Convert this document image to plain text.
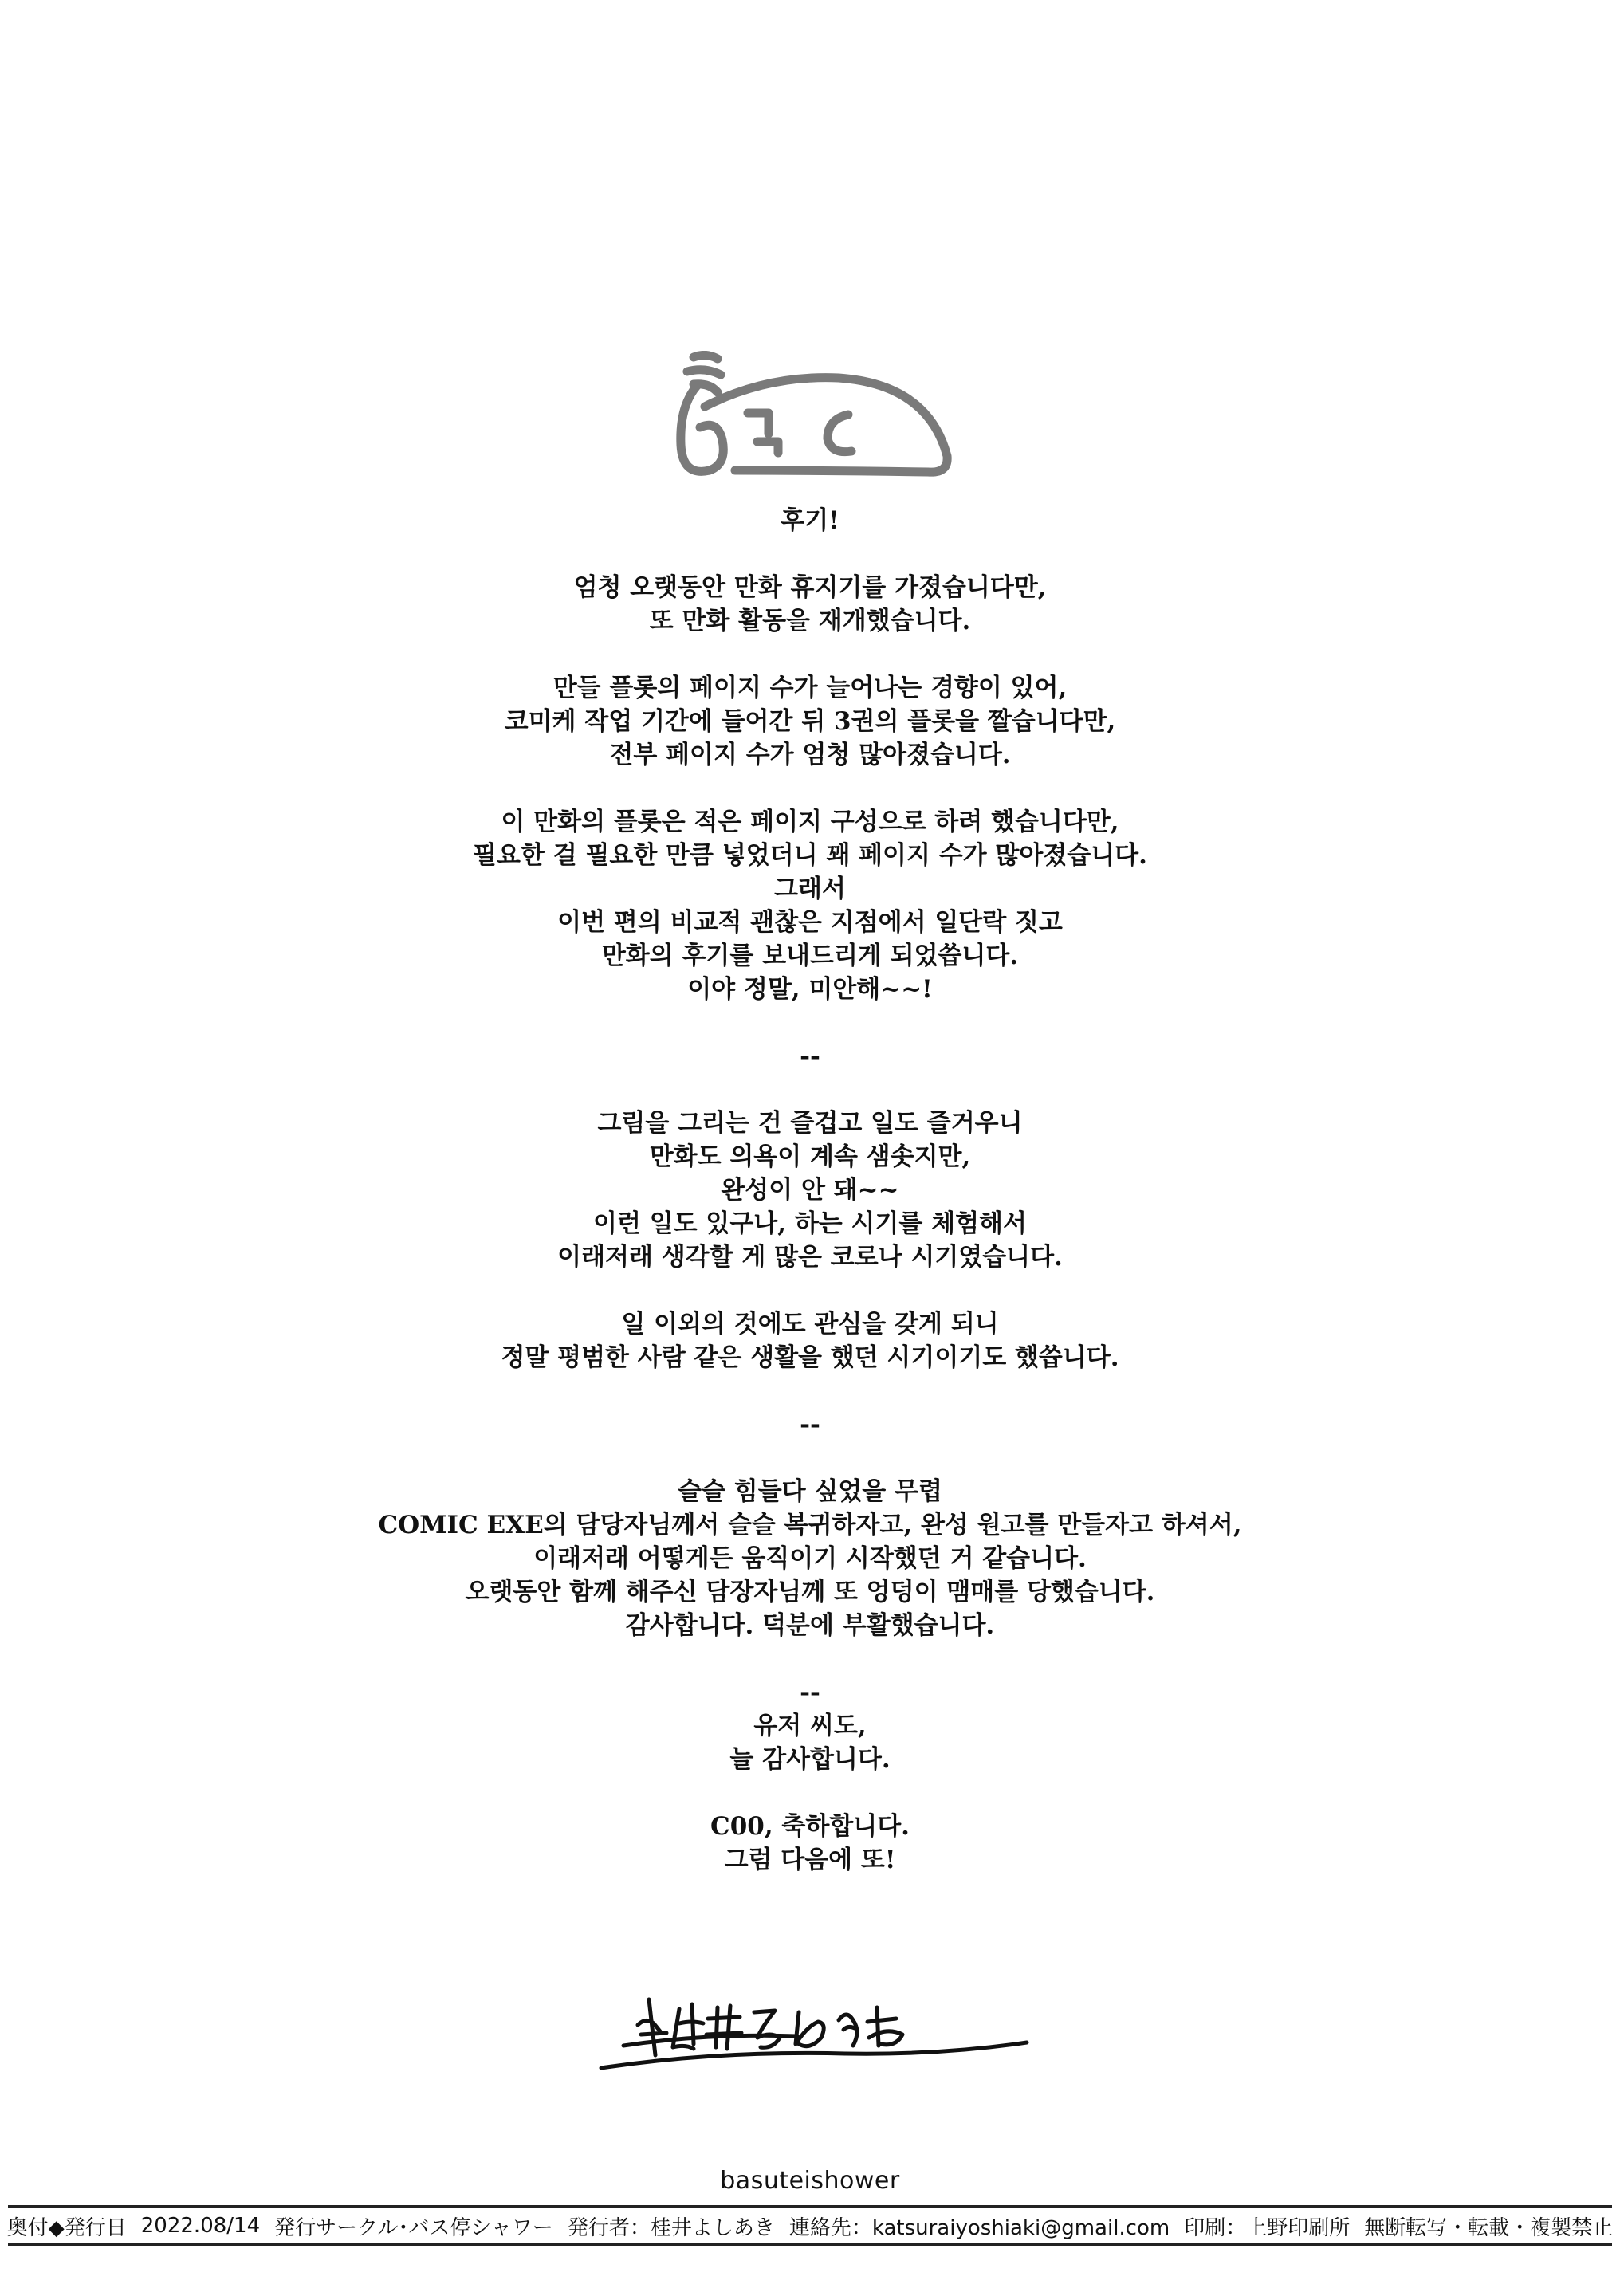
후기!
엄청 오랫동안 만화 휴지기를 가졌습니다만,
또 만화 활동을 재개했습니다.
만들 플롯의 페이지 수가 늘어나는 경향이 있어,
코미케 작업 기간에 들어간 뒤 3권의 플롯을 짤습니다만,
전부 페이지 수가 엄청 많아졌습니다.
이 만화의 플롯은 적은 페이지 구성으로 하려 했습니다만,
필요한 걸 필요한 만큼 넣었더니 꽤 페이지 수가 많아졌습니다.
그래서
이번 편의 비교적 괜찮은 지점에서 일단락 짓고
만화의 후기를 보내드리게 되었씁니다.
이야 정말, 미안해~~!
--
그림을 그리는 건 즐겁고 일도 즐거우니
만화도 의욕이 계속 샘솟지만,
완성이 안 돼~~
이런 일도 있구나, 하는 시기를 체험해서
이래저래 생각할 게 많은 코로나 시기였습니다.
일 이외의 것에도 관심을 갖게 되니
정말 평범한 사람 같은 생활을 했던 시기이기도 했씁니다.
--
슬슬 힘들다 싶었을 무렵
COMIC EXE의 담당자님께서 슬슬 복귀하자고, 완성 원고를 만들자고 하셔서,
이래저래 어떻게든 움직이기 시작했던 거 같습니다.
오랫동안 함께 해주신 담장자님께 또 엉덩이 맴매를 당했습니다.
감사합니다. 덕분에 부활했습니다.
--
유저 씨도,
늘 감사합니다.
C00, 축하합니다.
그럼 다음에 또!
basuteishower
奥付◆発行日 2022.08/14 発行サークル･バス停シャワー 発行者：桂井よしあき 連絡先：katsuraiyoshiaki@gmail.com 印刷：上野印刷所 無断転写・転載・複製禁止
